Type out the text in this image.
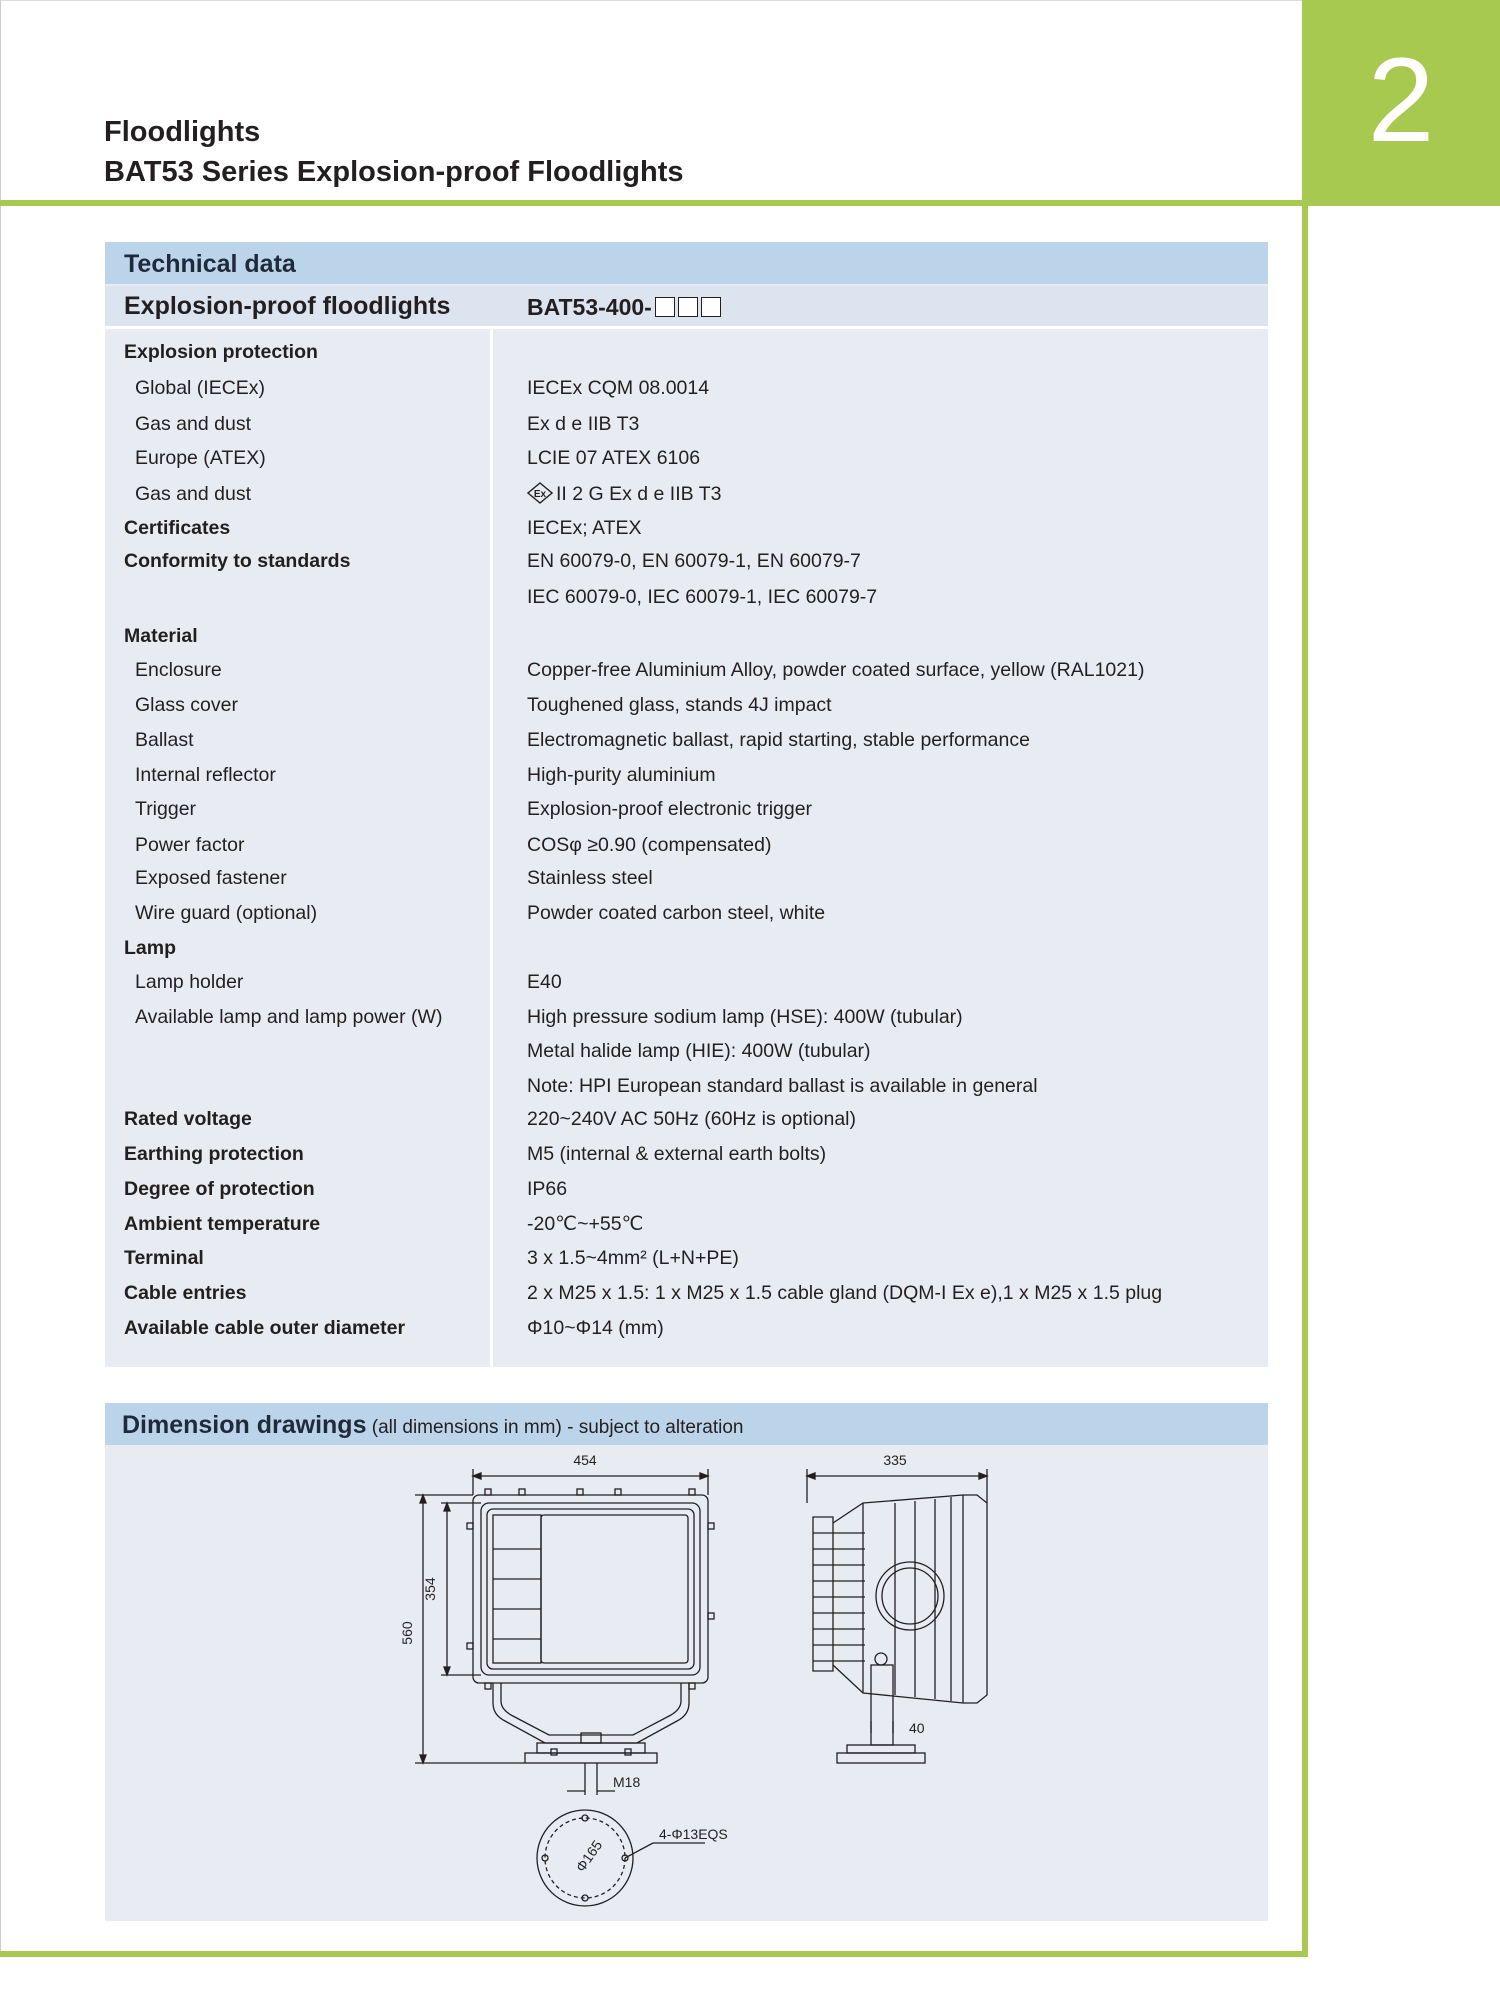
2
Floodlights
BAT53 Series Explosion-proof Floodlights
Technical data
Explosion-proof floodlights	BAT53-400-
Explosion protection
Global (IECEx)	IECEx CQM 08.0014
Gas and dust	Ex d e IIB T3
Europe (ATEX)	LCIE 07 ATEX 6106
Gas and dust	Ex II 2 G Ex d e IIB T3
Certificates	IECEx; ATEX
Conformity to standards	EN 60079-0, EN 60079-1, EN 60079-7
IEC 60079-0, IEC 60079-1, IEC 60079-7
Material
Enclosure	Copper-free Aluminium Alloy, powder coated surface, yellow (RAL1021)
Glass cover	Toughened glass, stands 4J impact
Ballast	Electromagnetic ballast, rapid starting, stable performance
Internal reflector	High-purity aluminium
Trigger	Explosion-proof electronic trigger
Power factor	COSφ ≥0.90 (compensated)
Exposed fastener	Stainless steel
Wire guard (optional)	Powder coated carbon steel, white
Lamp
Lamp holder	E40
Available lamp and lamp power (W)	High pressure sodium lamp (HSE): 400W (tubular)
Metal halide lamp (HIE): 400W (tubular)
Note: HPI European standard ballast is available in general
Rated voltage	220~240V AC 50Hz (60Hz is optional)
Earthing protection	M5 (internal & external earth bolts)
Degree of protection	IP66
Ambient temperature	-20℃~+55℃
Terminal	3 x 1.5~4mm² (L+N+PE)
Cable entries	2 x M25 x 1.5: 1 x M25 x 1.5 cable gland (DQM-I Ex e),1 x M25 x 1.5 plug
Available cable outer diameter	Φ10~Φ14 (mm)
Dimension drawings (all dimensions in mm) - subject to alteration
454
560
354
M18
335
40
Φ165
4-Φ13EQS
